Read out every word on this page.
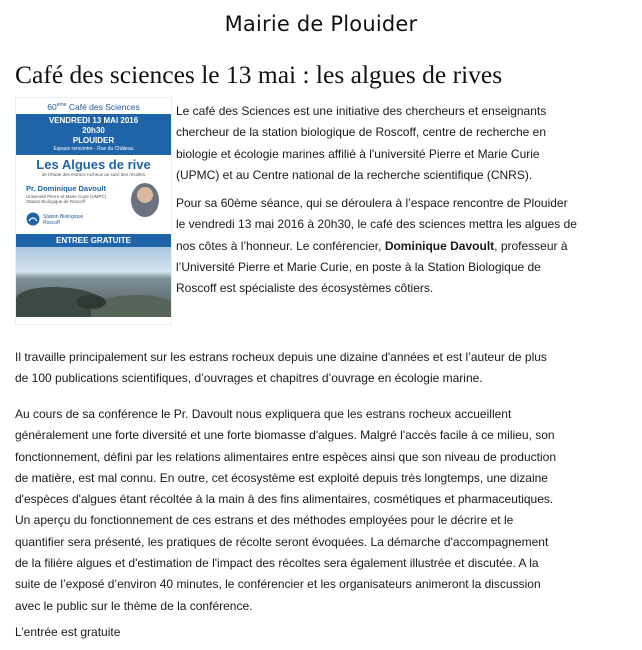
Mairie de Plouider
Café des sciences le 13 mai : les algues de rives
60ème Café des Sciences
VENDREDI 13 MAI 2016
20h30
PLOUIDER
Espace rencontre - Rue du Château
Les Algues de rive
de l'étude des estrans rocheux au suivi des récoltes
Pr. Dominique Davoult
Université Pierre et Marie Curie (UMPC) Station Biologique de Roscoff
Station Biologique
Roscoff
ENTREE GRATUITE

Le café des Sciences est une initiative des chercheurs et enseignants
chercheur de la station biologique de Roscoff, centre de recherche en
biologie et écologie marines affilié à l'université Pierre et Marie Curie
(UPMC) et au Centre national de la recherche scientifique (CNRS).

Pour sa 60ème séance, qui se déroulera à l’espace rencontre de Plouider
le vendredi 13 mai 2016 à 20h30, le café des sciences mettra les algues de
nos côtes à l’honneur. Le conférencier, Dominique Davoult, professeur à
l’Université Pierre et Marie Curie, en poste à la Station Biologique de
Roscoff est spécialiste des écosystèmes côtiers.

Il travaille principalement sur les estrans rocheux depuis une dizaine d'années et est l’auteur de plus
de 100 publications scientifiques, d’ouvrages et chapitres d’ouvrage en écologie marine.

Au cours de sa conférence le Pr. Davoult nous expliquera que les estrans rocheux accueillent
généralement une forte diversité et une forte biomasse d'algues. Malgré l'accès facile à ce milieu, son
fonctionnement, défini par les relations alimentaires entre espèces ainsi que son niveau de production
de matière, est mal connu. En outre, cet écosystème est exploité depuis très longtemps, une dizaine
d'espèces d'algues étant récoltée à la main à des fins alimentaires, cosmétiques et pharmaceutiques.
Un aperçu du fonctionnement de ces estrans et des méthodes employées pour le décrire et le
quantifier sera présenté, les pratiques de récolte seront évoquées. La démarche d'accompagnement
de la filière algues et d'estimation de l'impact des récoltes sera également illustrée et discutée. A la
suite de l’exposé d’environ 40 minutes, le conférencier et les organisateurs animeront la discussion
avec le public sur le thème de la conférence.

L’entrée est gratuite
